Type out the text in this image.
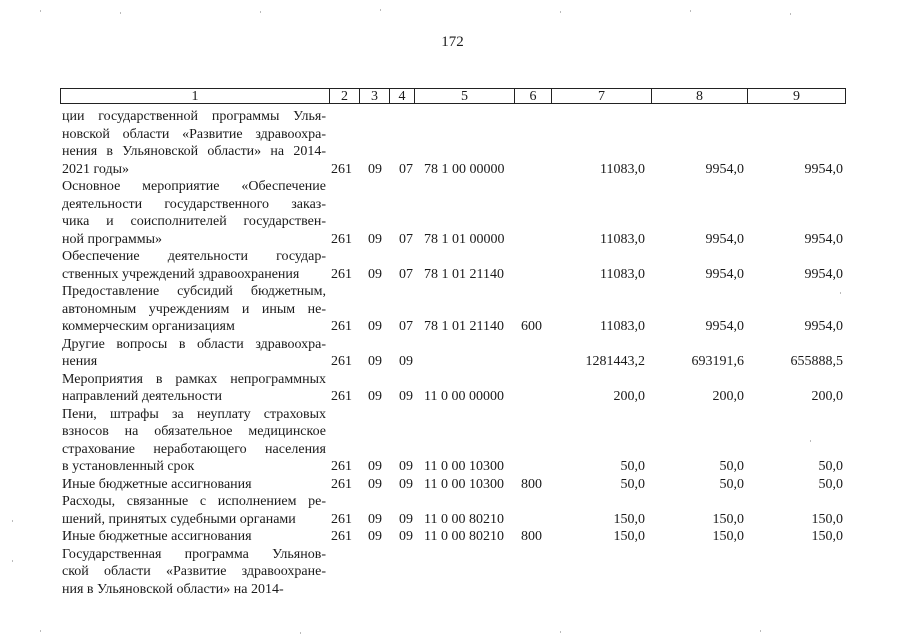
172
1	2	3	4	5	6	7	8	9
ции государственной программы Улья-
новской области «Развитие здравоохра-
нения в Ульяновской области» на 2014-
2021 годы»	261	09	07 78 1 00 00000	11083,0	9954,0	9954,0
Основное мероприятие «Обеспечение
деятельности государственного заказ-
чика и соисполнителей государствен-
ной программы»	261	09	07 78 1 01 00000	11083,0	9954,0	9954,0
Обеспечение деятельности государ-
ственных учреждений здравоохранения	261	09	07 78 1 01 21140	11083,0	9954,0	9954,0
Предоставление субсидий бюджетным,
автономным учреждениям и иным не-
коммерческим организациям	261	09	07 78 1 01 21140	600	11083,0	9954,0	9954,0
Другие вопросы в области здравоохра-
нения	261	09	09	1281443,2	693191,6	655888,5
Мероприятия в рамках непрограммных
направлений деятельности	261	09	09 11 0 00 00000	200,0	200,0	200,0
Пени, штрафы за неуплату страховых
взносов на обязательное медицинское
страхование неработающего населения
в установленный срок	261	09	09 11 0 00 10300	50,0	50,0	50,0
Иные бюджетные ассигнования	261	09	09 11 0 00 10300	800	50,0	50,0	50,0
Расходы, связанные с исполнением ре-
шений, принятых судебными органами	261	09	09 11 0 00 80210	150,0	150,0	150,0
Иные бюджетные ассигнования	261	09	09 11 0 00 80210	800	150,0	150,0	150,0
Государственная программа Ульянов-
ской области «Развитие здравоохране-
ния в Ульяновской области» на 2014-
